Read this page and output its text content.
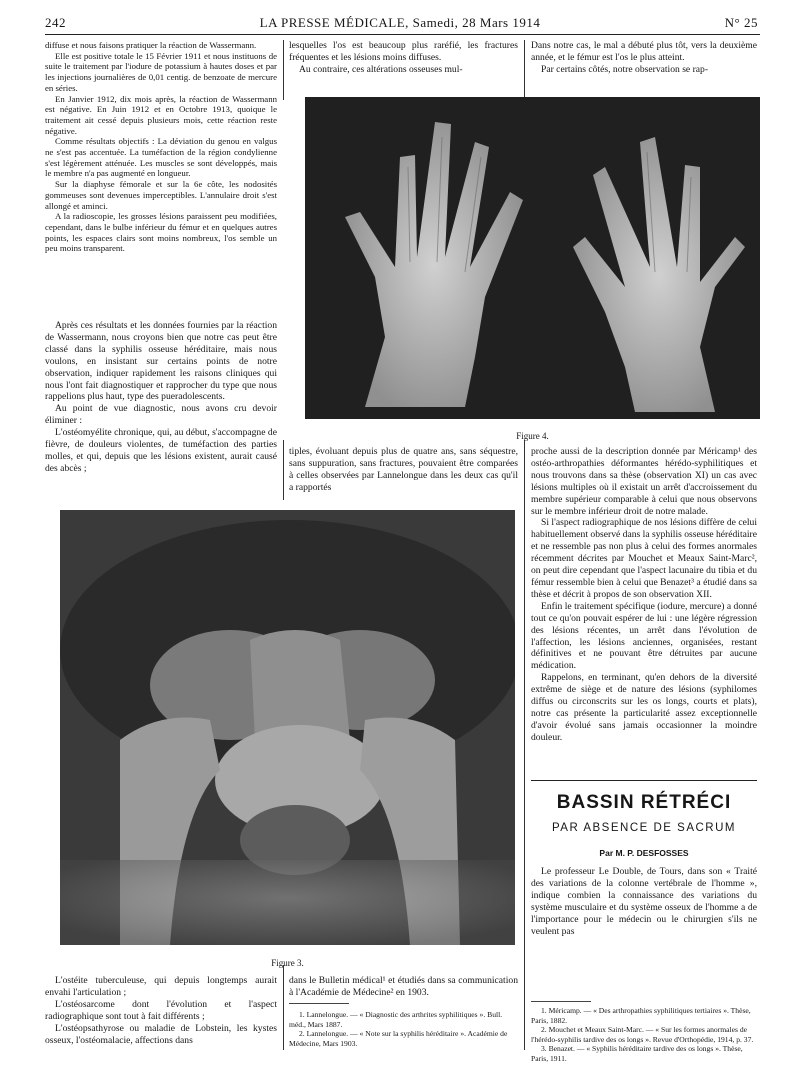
242	LA PRESSE MÉDICALE, Samedi, 28 Mars 1914	N° 25

diffuse et nous faisons pratiquer la réaction de Wassermann.

Elle est positive totale le 15 Février 1911 et nous instituons de suite le traitement par l'iodure de potassium à hautes doses et par les injections journalières de 0,01 centig. de benzoate de mercure en séries.

En Janvier 1912, dix mois après, la réaction de Wassermann est négative. En Juin 1912 et en Octobre 1913, quoique le traitement ait cessé depuis plusieurs mois, cette réaction reste négative.

Comme résultats objectifs : La déviation du genou en valgus ne s'est pas accentuée. La tuméfaction de la région condylienne s'est légèrement atténuée. Les muscles se sont développés, mais le membre n'a pas augmenté en longueur.

Sur la diaphyse fémorale et sur la 6e côte, les nodosités gommeuses sont devenues imperceptibles. L'annulaire droit s'est allongé et aminci.

A la radioscopie, les grosses lésions paraissent peu modifiées, cependant, dans le bulbe inférieur du fémur et en quelques autres points, les espaces clairs sont moins nombreux, l'os semble un peu moins transparent.

Après ces résultats et les données fournies par la réaction de Wassermann, nous croyons bien que notre cas peut être classé dans la syphilis osseuse héréditaire, mais nous voulons, en insistant sur certains points de notre observation, indiquer rapidement les raisons cliniques qui nous l'ont fait diagnostiquer et rapprocher du type que nous rappelions plus haut, type des pueradolescents.

Au point de vue diagnostic, nous avons cru devoir éliminer :

L'ostéomyélite chronique, qui, au début, s'accompagne de fièvre, de douleurs violentes, de tuméfaction des parties molles, et qui, depuis que les lésions existent, aurait causé des abcès ;

lesquelles l'os est beaucoup plus raréfié, les fractures fréquentes et les lésions moins diffuses.

Au contraire, ces altérations osseuses mul-

Dans notre cas, le mal a débuté plus tôt, vers la deuxième année, et le fémur est l'os le plus atteint.

Par certains côtés, notre observation se rap-

Figure 4.

tiples, évoluant depuis plus de quatre ans, sans séquestre, sans suppuration, sans fractures, pouvaient être comparées à celles observées par Lannelongue dans les deux cas qu'il a rapportés

proche aussi de la description donnée par Méricamp¹ des ostéo-arthropathies déformantes hérédo-syphilitiques et nous trouvons dans sa thèse (observation XI) un cas avec lésions multiples où il existait un arrêt d'accroissement du membre supérieur comparable à celui que nous observons sur le membre inférieur droit de notre malade.

Si l'aspect radiographique de nos lésions diffère de celui habituellement observé dans la syphilis osseuse héréditaire et ne ressemble pas non plus à celui des formes anormales récemment décrites par Mouchet et Meaux Saint-Marc², on peut dire cependant que l'aspect lacunaire du tibia et du fémur ressemble bien à celui que Benazet³ a étudié dans sa thèse et décrit à propos de son observation XII.

Enfin le traitement spécifique (iodure, mercure) a donné tout ce qu'on pouvait espérer de lui : une légère régression des lésions récentes, un arrêt dans l'évolution de l'affection, les lésions anciennes, organisées, restant définitives et ne pouvant être détruites par aucune médication.

Rappelons, en terminant, qu'en dehors de la diversité extrême de siège et de nature des lésions (syphilomes diffus ou circonscrits sur les os longs, courts et plats), notre cas présente la particularité assez exceptionnelle d'avoir évolué sans jamais occasionner la moindre douleur.

Figure 3.
BASSIN RÉTRÉCI
PAR ABSENCE DE SACRUM
Par M. P. DESFOSSES

Le professeur Le Double, de Tours, dans son « Traité des variations de la colonne vertébrale de l'homme », indique combien la connaissance des variations du système musculaire et du système osseux de l'homme a de l'importance pour le médecin ou le chirurgien s'ils ne veulent pas

L'ostéite tuberculeuse, qui depuis longtemps aurait envahi l'articulation ;

L'ostéosarcome dont l'évolution et l'aspect radiographique sont tout à fait différents ;

L'ostéopsathyrose ou maladie de Lobstein, les kystes osseux, l'ostéomalacie, affections dans

dans le Bulletin médical¹ et étudiés dans sa communication à l'Académie de Médecine² en 1903.

1. Lannelongue. — « Diagnostic des arthrites syphilitiques ». Bull. méd., Mars 1887.

2. Lannelongue. — « Note sur la syphilis héréditaire ». Académie de Médecine, Mars 1903.

1. Méricamp. — « Des arthropathies syphilitiques tertiaires ». Thèse, Paris, 1882.

2. Mouchet et Meaux Saint-Marc. — « Sur les formes anormales de l'hérédo-syphilis tardive des os longs ». Revue d'Orthopédie, 1914, p. 37.

3. Benazet. — « Syphilis héréditaire tardive des os longs ». Thèse, Paris, 1911.
